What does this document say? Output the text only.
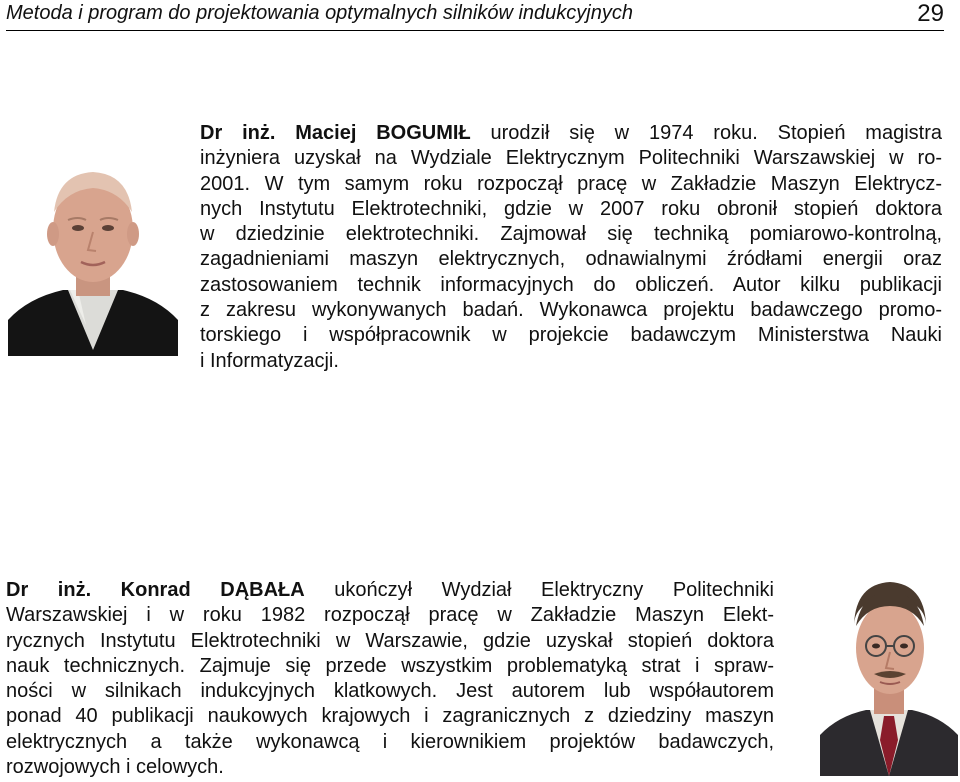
Metoda i program do projektowania optymalnych silników indukcyjnych	29
Dr inż. Maciej BOGUMIŁ urodził się w 1974 roku. Stopień magistra
inżyniera uzyskał na Wydziale Elektrycznym Politechniki Warszawskiej w ro-
2001. W tym samym roku rozpoczął pracę w Zakładzie Maszyn Elektrycz-
nych Instytutu Elektrotechniki, gdzie w 2007 roku obronił stopień doktora
w dziedzinie elektrotechniki. Zajmował się techniką pomiarowo-kontrolną,
zagadnieniami maszyn elektrycznych, odnawialnymi źródłami energii oraz
zastosowaniem technik informacyjnych do obliczeń. Autor kilku publikacji
z zakresu wykonywanych badań. Wykonawca projektu badawczego promo-
torskiego i współpracownik w projekcie badawczym Ministerstwa Nauki
i Informatyzacji.
Dr inż. Konrad DĄBAŁA ukończył Wydział Elektryczny Politechniki
Warszawskiej i w roku 1982 rozpoczął pracę w Zakładzie Maszyn Elekt-
rycznych Instytutu Elektrotechniki w Warszawie, gdzie uzyskał stopień doktora
nauk technicznych. Zajmuje się przede wszystkim problematyką strat i spraw-
ności w silnikach indukcyjnych klatkowych. Jest autorem lub współautorem
ponad 40 publikacji naukowych krajowych i zagranicznych z dziedziny maszyn
elektrycznych a także wykonawcą i kierownikiem projektów badawczych,
rozwojowych i celowych.
